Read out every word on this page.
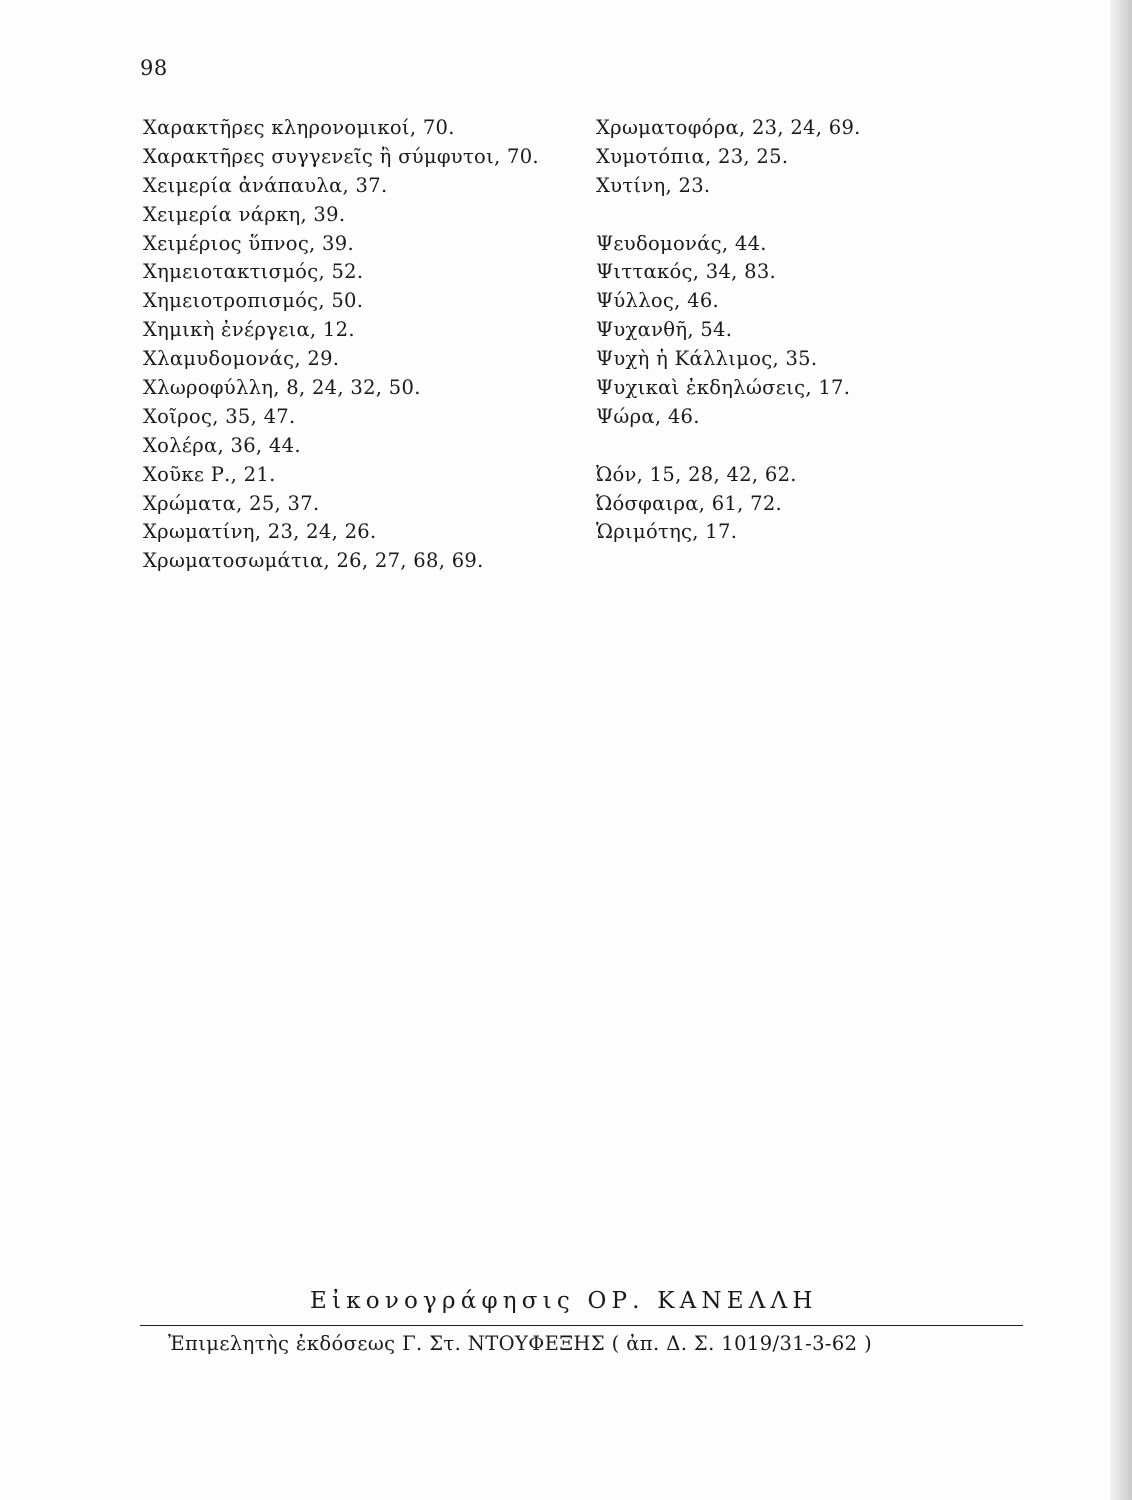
98
Χαρακτῆρες κληρονομικοί, 70.
Χαρακτῆρες συγγενεῖς ἢ σύμφυτοι, 70.
Χειμερία ἀνάπαυλα, 37.
Χειμερία νάρκη, 39.
Χειμέριος ὕπνος, 39.
Χημειοτακτισμός, 52.
Χημειοτροπισμός, 50.
Χημικὴ ἐνέργεια, 12.
Χλαμυδομονάς, 29.
Χλωροφύλλη, 8, 24, 32, 50.
Χοῖρος, 35, 47.
Χολέρα, 36, 44.
Χοῦκε Ρ., 21.
Χρώματα, 25, 37.
Χρωματίνη, 23, 24, 26.
Χρωματοσωμάτια, 26, 27, 68, 69.
Χρωματοφόρα, 23, 24, 69.
Χυμοτόπια, 23, 25.
Χυτίνη, 23.
Ψευδομονάς, 44.
Ψιττακός, 34, 83.
Ψύλλος, 46.
Ψυχανθῆ, 54.
Ψυχὴ ἡ Κάλλιμος, 35.
Ψυχικαὶ ἐκδηλώσεις, 17.
Ψώρα, 46.
Ὠόν, 15, 28, 42, 62.
Ὠόσφαιρα, 61, 72.
Ὡριμότης, 17.
Εἰκονογράφησις ΟΡ. ΚΑΝΕΛΛΗ
Ἐπιμελητὴς ἐκδόσεως Γ. Στ. ΝΤΟΥΦΕΞΗΣ ( ἀπ. Δ. Σ. 1019/31-3-62 )
